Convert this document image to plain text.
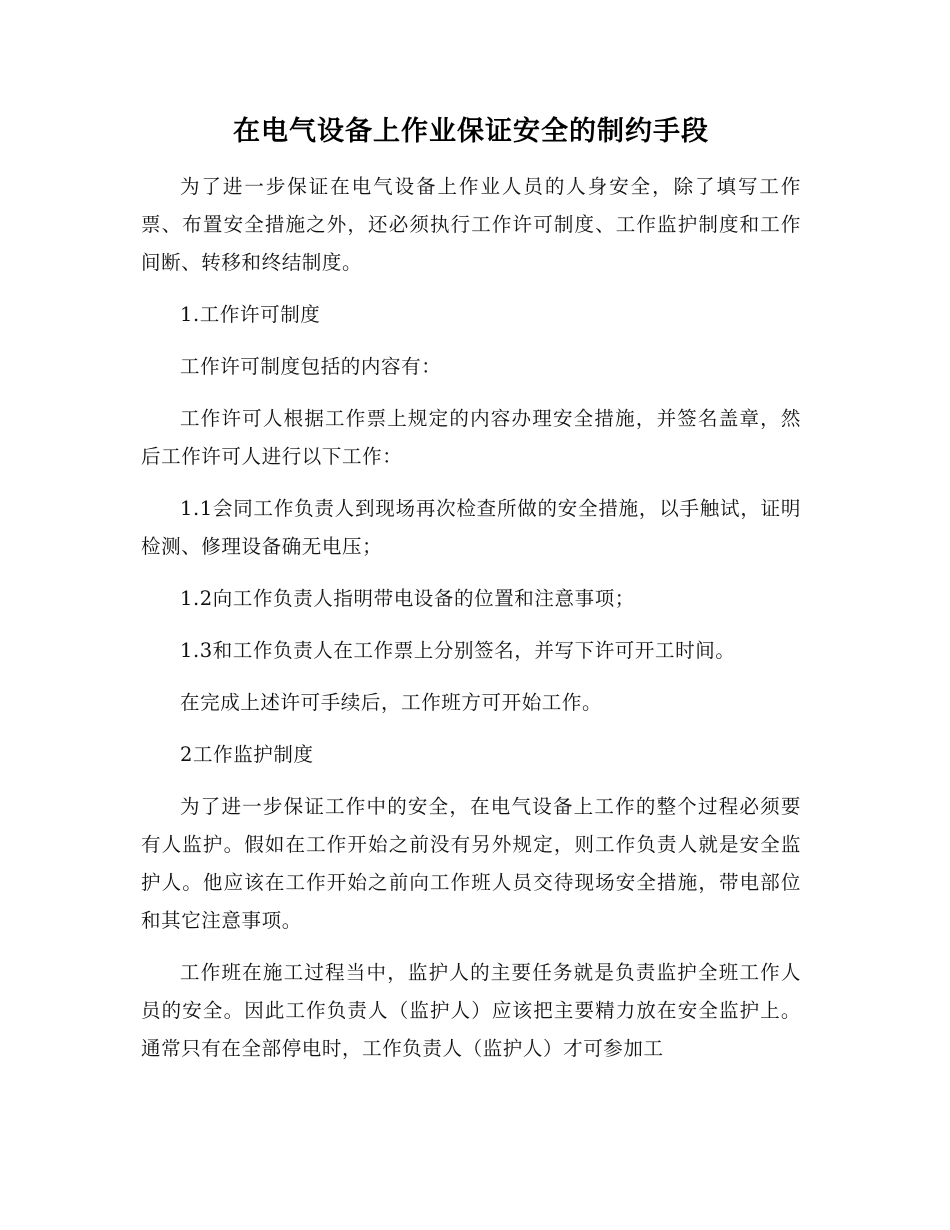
在电气设备上作业保证安全的制约手段

为了进一步保证在电气设备上作业人员的人身安全，除了填写工作票、布置安全措施之外，还必须执行工作许可制度、工作监护制度和工作间断、转移和终结制度。

1.工作许可制度

工作许可制度包括的内容有：

工作许可人根据工作票上规定的内容办理安全措施，并签名盖章，然后工作许可人进行以下工作：

1.1会同工作负责人到现场再次检查所做的安全措施，以手触试，证明检测、修理设备确无电压；

1.2向工作负责人指明带电设备的位置和注意事项；

1.3和工作负责人在工作票上分别签名，并写下许可开工时间。

在完成上述许可手续后，工作班方可开始工作。

2工作监护制度

为了进一步保证工作中的安全，在电气设备上工作的整个过程必须要有人监护。假如在工作开始之前没有另外规定，则工作负责人就是安全监护人。他应该在工作开始之前向工作班人员交待现场安全措施，带电部位和其它注意事项。

工作班在施工过程当中，监护人的主要任务就是负责监护全班工作人员的安全。因此工作负责人（监护人）应该把主要精力放在安全监护上。通常只有在全部停电时，工作负责人（监护人）才可参加工
